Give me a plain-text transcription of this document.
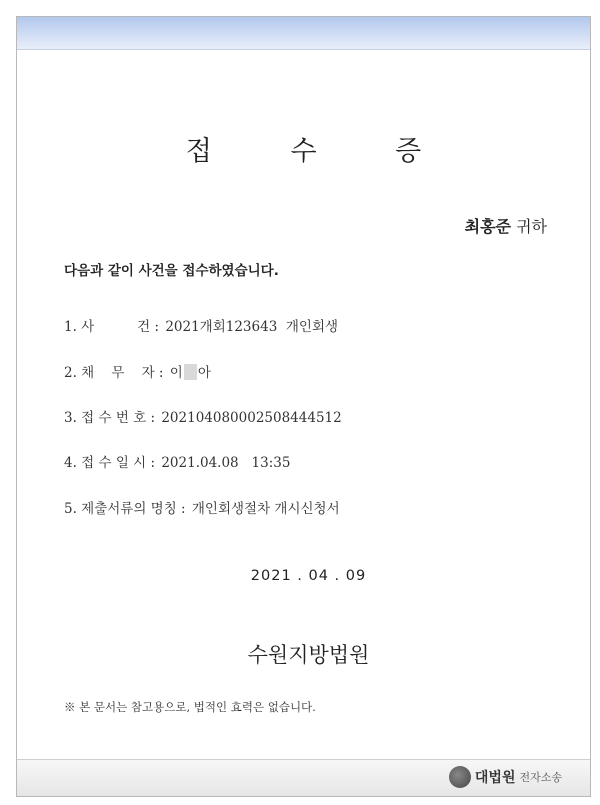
접 수 증
최홍준 귀하
다음과 같이 사건을 접수하였습니다.
1. 사          건 : 2021개회123643  개인회생
2. 채    무    자 : 이 아
3. 접 수 번 호 : 20210408000250844​4512
4. 접 수 일 시 : 2021.04.08   13:35
5. 제출서류의 명칭 : 개인회생절차 개시신청서
2021 . 04 . 09
수원지방법원
※ 본 문서는 참고용으로, 법적인 효력은 없습니다.
대법원 전자소송
